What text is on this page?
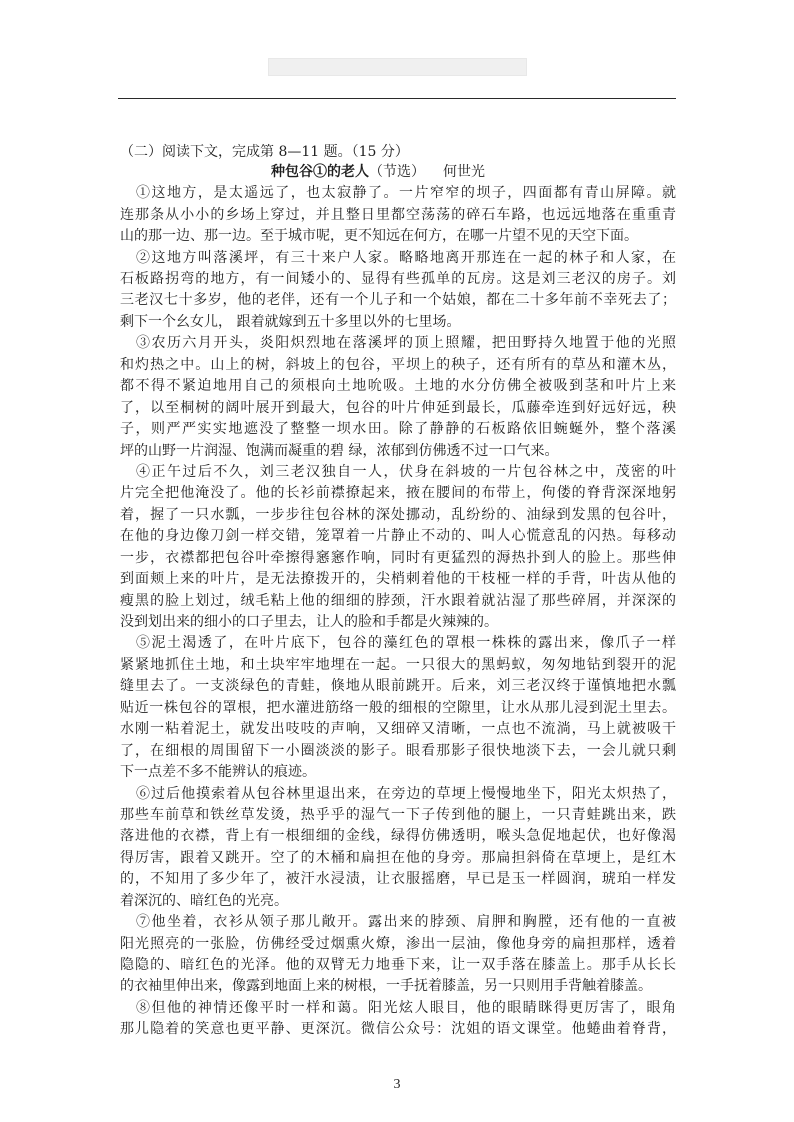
（二）阅读下文，完成第 8—11 题。（15 分）
种包谷①的老人（节选） 何世光
①这地方，是太遥远了，也太寂静了。一片窄窄的坝子，四面都有青山屏障。就
连那条从小小的乡场上穿过，并且整日里都空荡荡的碎石车路，也远远地落在重重青
山的那一边、那一边。至于城市呢，更不知远在何方，在哪一片望不见的天空下面。
②这地方叫落溪坪，有三十来户人家。略略地离开那连在一起的林子和人家，在
石板路拐弯的地方，有一间矮小的、显得有些孤单的瓦房。这是刘三老汉的房子。刘
三老汉七十多岁，他的老伴，还有一个儿子和一个姑娘，都在二十多年前不幸死去了；
剩下一个幺女儿， 跟着就嫁到五十多里以外的七里场。
③农历六月开头，炎阳炽烈地在落溪坪的顶上照耀，把田野持久地置于他的光照
和灼热之中。山上的树，斜坡上的包谷，平坝上的秧子，还有所有的草丛和灌木丛，
都不得不紧迫地用自己的须根向土地吮吸。土地的水分仿佛全被吸到茎和叶片上来
了，以至桐树的阔叶展开到最大，包谷的叶片伸延到最长，瓜藤牵连到好远好远，秧
子，则严严实实地遮没了整整一坝水田。除了静静的石板路依旧蜿蜒外，整个落溪
坪的山野一片润湿、饱满而凝重的碧 绿，浓郁到仿佛透不过一口气来。
④正午过后不久，刘三老汉独自一人，伏身在斜坡的一片包谷林之中，茂密的叶
片完全把他淹没了。他的长衫前襟撩起来，掖在腰间的布带上，佝偻的脊背深深地躬
着，握了一只水瓢，一步步往包谷林的深处挪动，乱纷纷的、油绿到发黑的包谷叶，
在他的身边像刀剑一样交错，笼罩着一片静止不动的、叫人心慌意乱的闪热。每移动
一步，衣襟都把包谷叶牵擦得窸窸作响，同时有更猛烈的溽热扑到人的脸上。那些伸
到面颊上来的叶片，是无法撩拨开的，尖梢刺着他的干枝桠一样的手背，叶齿从他的
瘦黑的脸上划过，绒毛粘上他的细细的脖颈，汗水跟着就沾湿了那些碎屑，并深深的
没到划出来的细小的口子里去，让人的脸和手都是火辣辣的。
⑤泥土渴透了，在叶片底下，包谷的藻红色的罩根一株株的露出来，像爪子一样
紧紧地抓住土地，和土块牢牢地埋在一起。一只很大的黑蚂蚁，匆匆地钻到裂开的泥
缝里去了。一支淡绿色的青蛙，倏地从眼前跳开。后来，刘三老汉终于谨慎地把水瓢
贴近一株包谷的罩根，把水灌进筋络一般的细根的空隙里，让水从那儿浸到泥土里去。
水刚一粘着泥土，就发出吱吱的声响，又细碎又清晰，一点也不流淌，马上就被吸干
了，在细根的周围留下一小圈淡淡的影子。眼看那影子很快地淡下去，一会儿就只剩
下一点差不多不能辨认的痕迹。
⑥过后他摸索着从包谷林里退出来，在旁边的草埂上慢慢地坐下，阳光太炽热了，
那些车前草和铁丝草发烫，热乎乎的湿气一下子传到他的腿上，一只青蛙跳出来，跌
落进他的衣襟，背上有一根细细的金线，绿得仿佛透明，喉头急促地起伏，也好像渴
得厉害，跟着又跳开。空了的木桶和扁担在他的身旁。那扁担斜倚在草埂上，是红木
的，不知用了多少年了，被汗水浸渍，让衣服摇磨，早已是玉一样圆润，琥珀一样发
着深沉的、暗红色的光亮。
⑦他坐着，衣衫从领子那儿敞开。露出来的脖颈、肩胛和胸膛，还有他的一直被
阳光照亮的一张脸，仿佛经受过烟熏火燎，渗出一层油，像他身旁的扁担那样，透着
隐隐的、暗红色的光泽。他的双臂无力地垂下来，让一双手落在膝盖上。那手从长长
的衣袖里伸出来，像露到地面上来的树根，一手抚着膝盖，另一只则用手背触着膝盖。
⑧但他的神情还像平时一样和蔼。阳光炫人眼目，他的眼睛眯得更厉害了，眼角
那儿隐着的笑意也更平静、更深沉。微信公众号：沈姐的语文课堂。他蜷曲着脊背，
3
